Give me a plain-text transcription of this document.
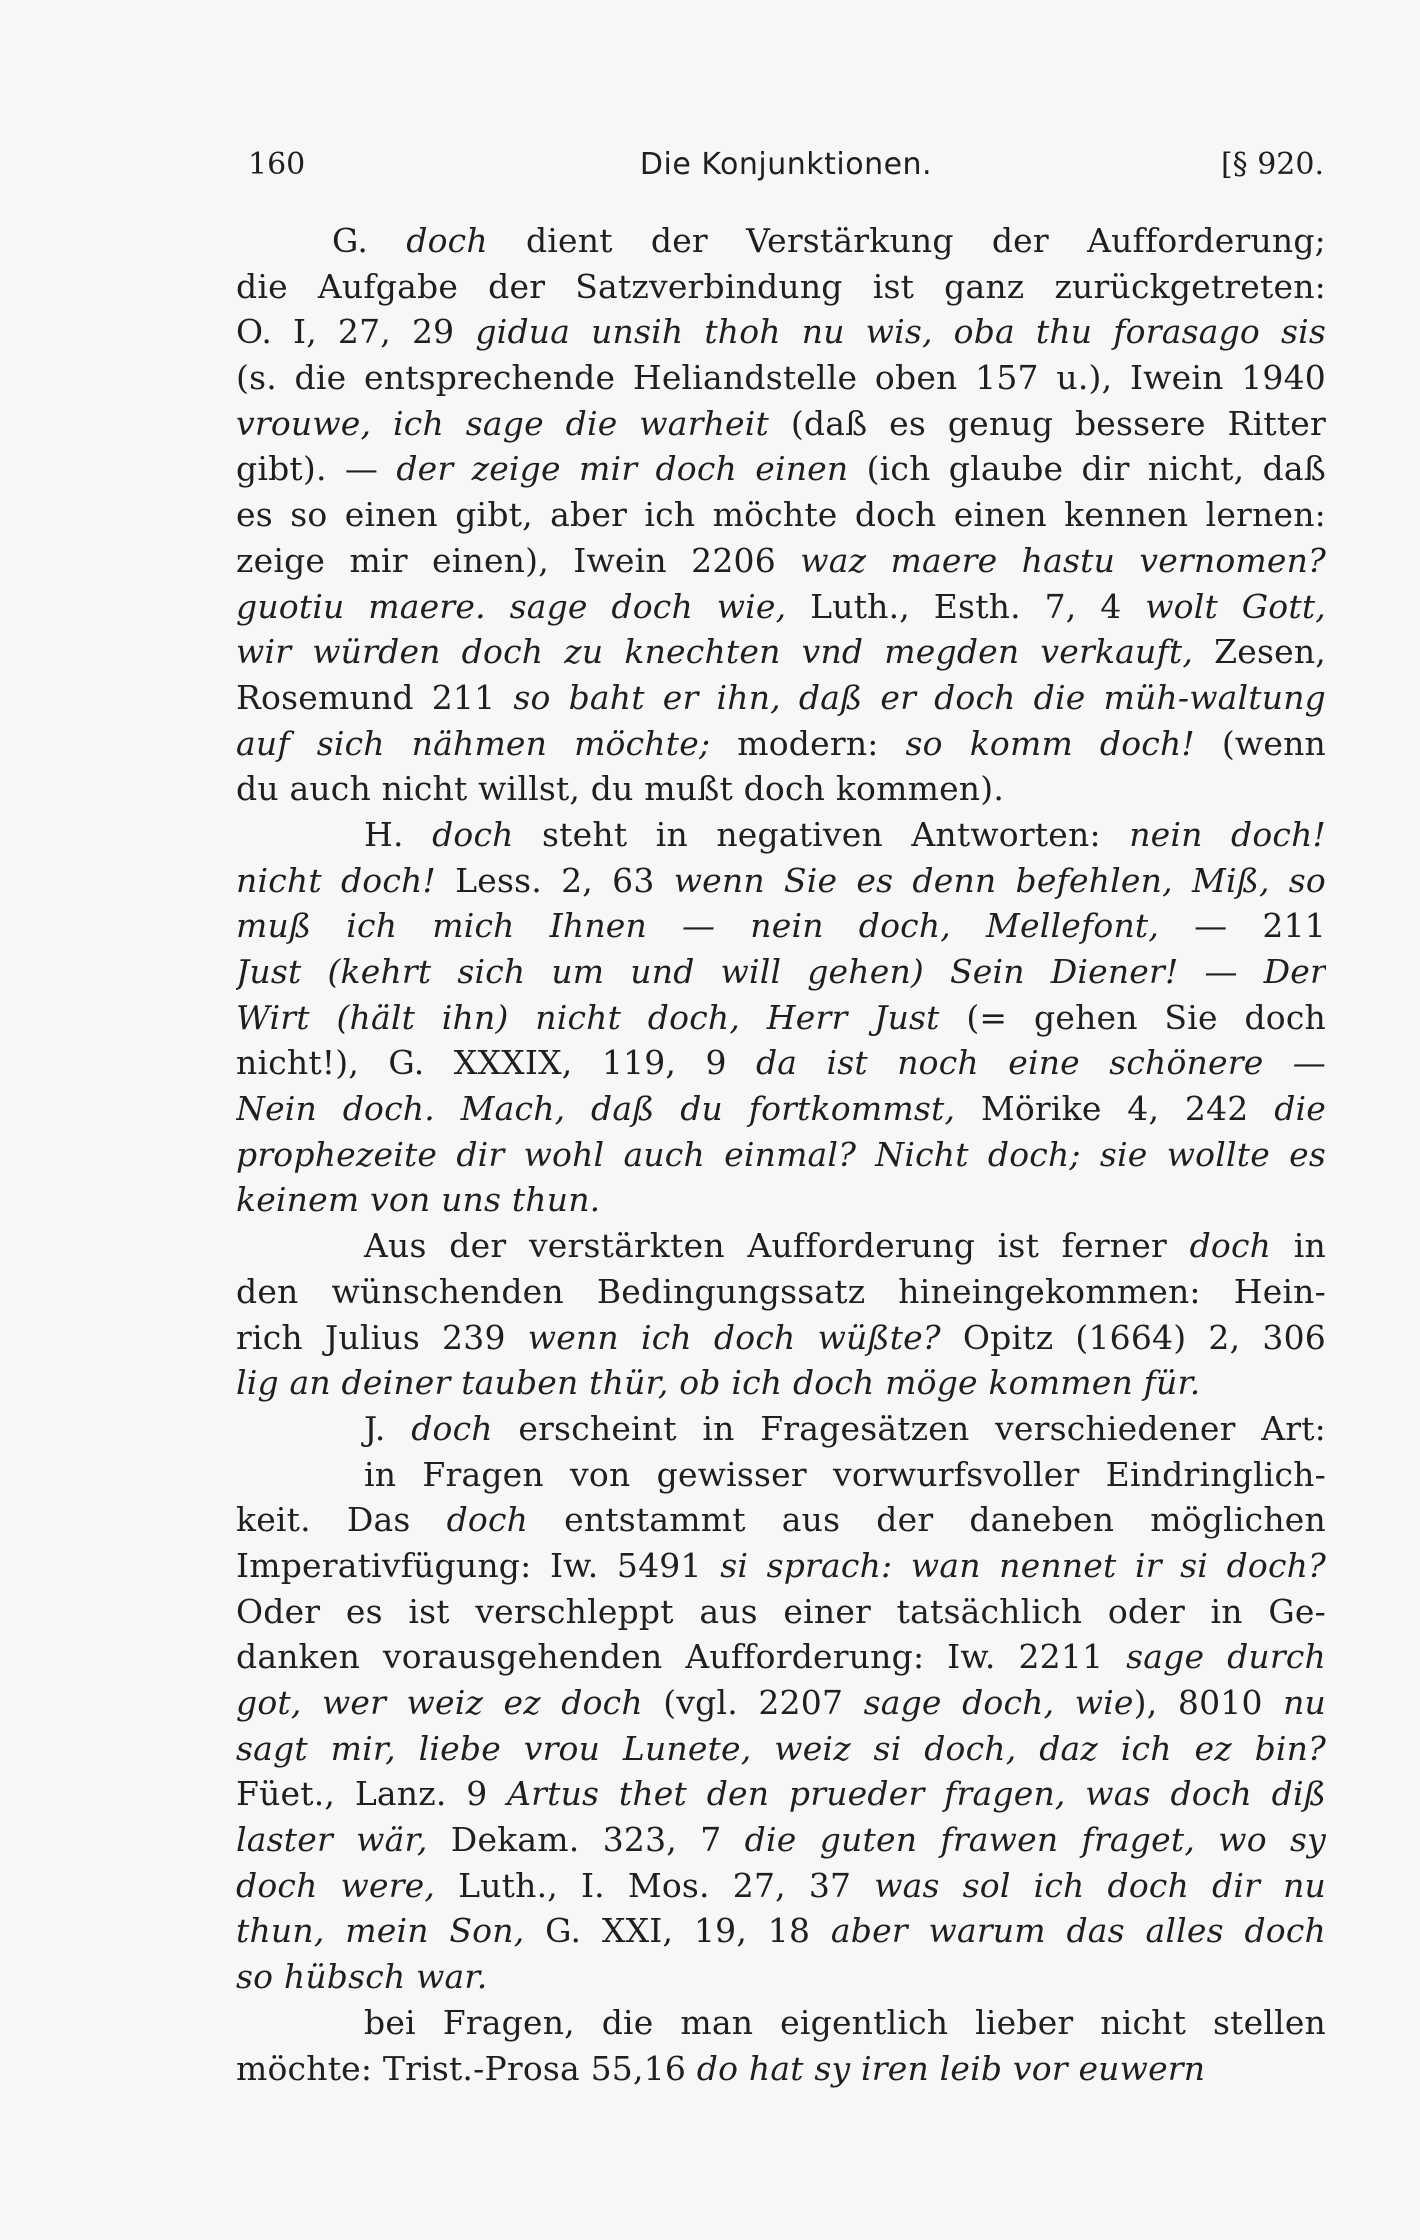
160	Die Konjunktionen.	[§ 920.
G. doch dient der Verstärkung der Aufforderung;
die Aufgabe der Satzverbindung ist ganz zurückgetreten:
O. I, 27, 29 gidua unsih thoh nu wis, oba thu forasago sis
(s. die entsprechende Heliandstelle oben 157 u.), Iwein 1940
vrouwe, ich sage die warheit (daß es genug bessere Ritter
gibt). — der zeige mir doch einen (ich glaube dir nicht, daß
es so einen gibt, aber ich möchte doch einen kennen lernen:
zeige mir einen), Iwein 2206 waz maere hastu vernomen?
guotiu maere. sage doch wie, Luth., Esth. 7, 4 wolt Gott,
wir würden doch zu knechten vnd megden verkauft, Zesen,
Rosemund 211 so baht er ihn, daß er doch die müh-waltung
auf sich nähmen möchte; modern: so komm doch! (wenn
du auch nicht willst, du mußt doch kommen).
H. doch steht in negativen Antworten: nein doch!
nicht doch! Less. 2, 63 wenn Sie es denn befehlen, Miß, so
muß ich mich Ihnen — nein doch, Mellefont, — 211
Just (kehrt sich um und will gehen) Sein Diener! — Der
Wirt (hält ihn) nicht doch, Herr Just (= gehen Sie doch
nicht!), G. XXXIX, 119, 9 da ist noch eine schönere —
Nein doch. Mach, daß du fortkommst, Mörike 4, 242 die
prophezeite dir wohl auch einmal? Nicht doch; sie wollte es
keinem von uns thun.
Aus der verstärkten Aufforderung ist ferner doch in
den wünschenden Bedingungssatz hineingekommen: Hein-
rich Julius 239 wenn ich doch wüßte? Opitz (1664) 2, 306
lig an deiner tauben thür, ob ich doch möge kommen für.
J. doch erscheint in Fragesätzen verschiedener Art:
in Fragen von gewisser vorwurfsvoller Eindringlich-
keit. Das doch entstammt aus der daneben möglichen
Imperativfügung: Iw. 5491 si sprach: wan nennet ir si doch?
Oder es ist verschleppt aus einer tatsächlich oder in Ge-
danken vorausgehenden Aufforderung: Iw. 2211 sage durch
got, wer weiz ez doch (vgl. 2207 sage doch, wie), 8010 nu
sagt mir, liebe vrou Lunete, weiz si doch, daz ich ez bin?
Füet., Lanz. 9 Artus thet den prueder fragen, was doch diß
laster wär, Dekam. 323, 7 die guten frawen fraget, wo sy
doch were, Luth., I. Mos. 27, 37 was sol ich doch dir nu
thun, mein Son, G. XXI, 19, 18 aber warum das alles doch
so hübsch war.
bei Fragen, die man eigentlich lieber nicht stellen
möchte: Trist.-Prosa 55,16 do hat sy iren leib vor euwern
